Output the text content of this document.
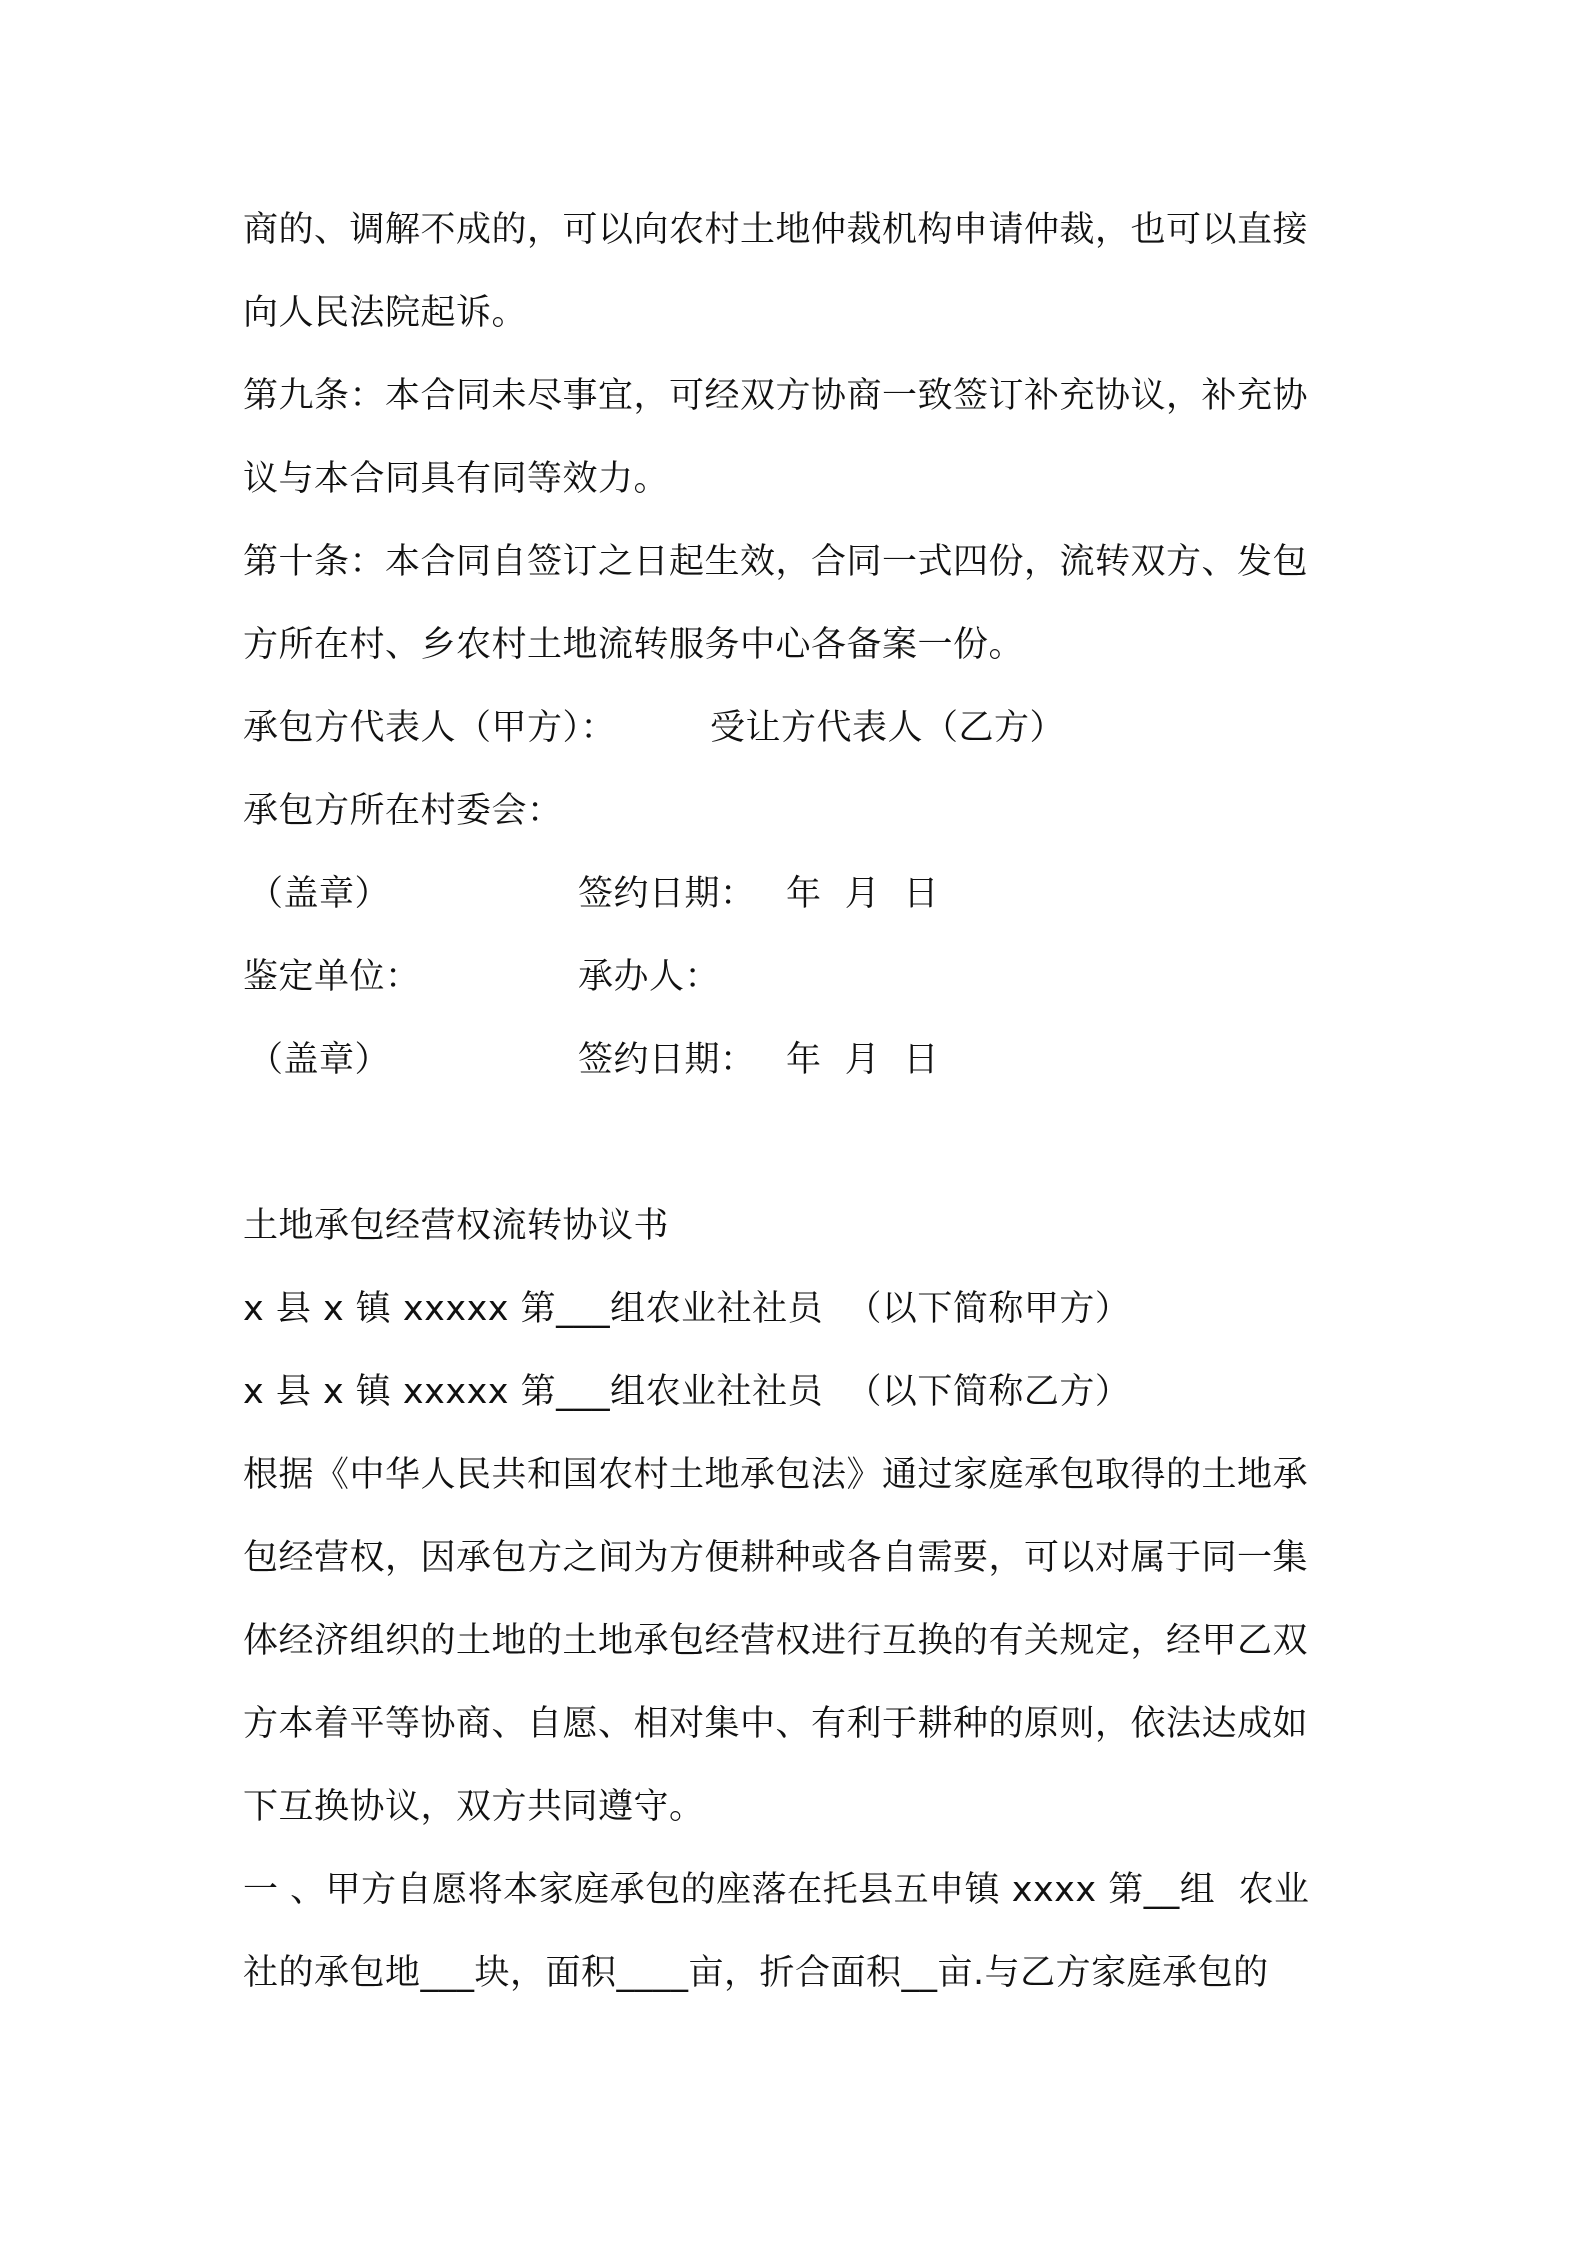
商的、调解不成的，可以向农村土地仲裁机构申请仲裁，也可以直接
向人民法院起诉。
第九条：本合同未尽事宜，可经双方协商一致签订补充协议，补充协
议与本合同具有同等效力。
第十条：本合同自签订之日起生效，合同一式四份，流转双方、发包
方所在村、乡农村土地流转服务中心各备案一份。
承包方代表人（甲方）：	受让方代表人（乙方）
承包方所在村委会：
（盖章）	签约日期： 年  月  日
鉴定单位：	承办人：
（盖章）	签约日期： 年  月  日
土地承包经营权流转协议书
x 县 x 镇 xxxxx 第___组农业社社员  （以下简称甲方）
x 县 x 镇 xxxxx 第___组农业社社员  （以下简称乙方）
根据《中华人民共和国农村土地承包法》通过家庭承包取得的土地承
包经营权，因承包方之间为方便耕种或各自需要，可以对属于同一集
体经济组织的土地的土地承包经营权进行互换的有关规定，经甲乙双
方本着平等协商、自愿、相对集中、有利于耕种的原则，依法达成如
下互换协议，双方共同遵守。
一 、甲方自愿将本家庭承包的座落在托县五申镇 xxxx 第__组  农业
社的承包地___块，面积____亩，折合面积__亩.与乙方家庭承包的
